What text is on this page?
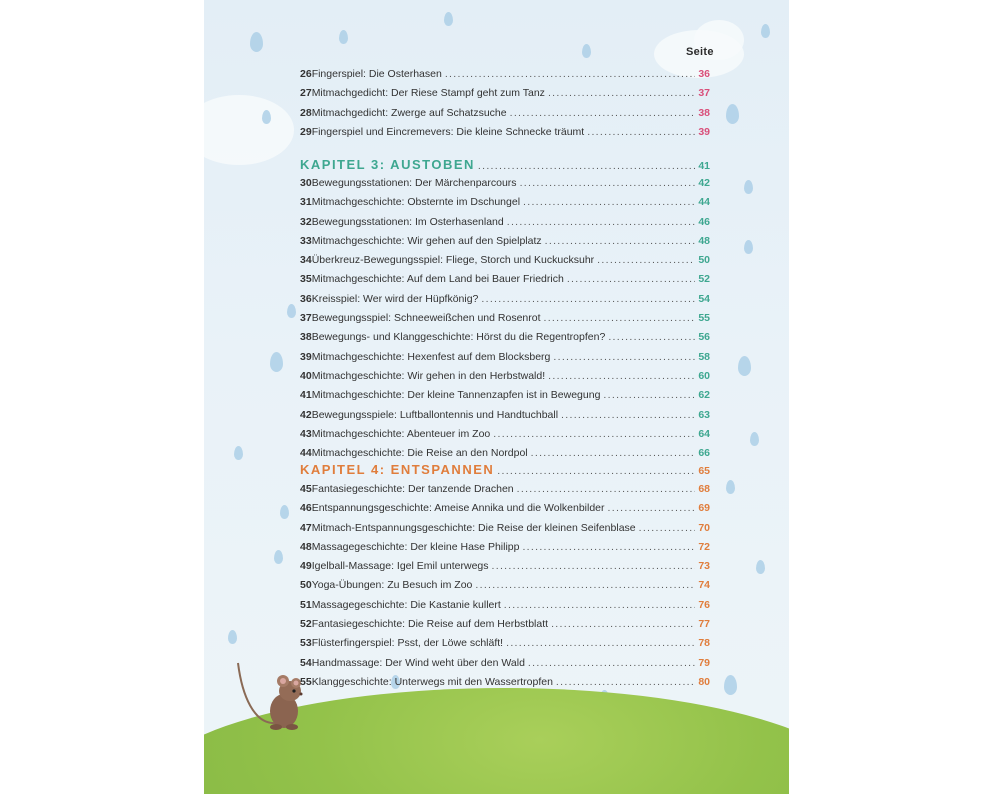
Seite
26 Fingerspiel: Die Osterhasen .....	36
27 Mitmachgedicht: Der Riese Stampf geht zum Tanz .....	37
28 Mitmachgedicht: Zwerge auf Schatzsuche .....	38
29 Fingerspiel und Eincremevers: Die kleine Schnecke träumt .....	39
KAPITEL 3: AUSTOBEN .....	41
30 Bewegungsstationen: Der Märchenparcours .....	42
31 Mitmachgeschichte: Obsternte im Dschungel .....	44
32 Bewegungsstationen: Im Osterhasenland .....	46
33 Mitmachgeschichte: Wir gehen auf den Spielplatz .....	48
34 Überkreuz-Bewegungsspiel: Fliege, Storch und Kuckucksuhr .....	50
35 Mitmachgeschichte: Auf dem Land bei Bauer Friedrich .....	52
36 Kreisspiel: Wer wird der Hüpfkönig? .....	54
37 Bewegungsspiel: Schneeweißchen und Rosenrot .....	55
38 Bewegungs- und Klanggeschichte: Hörst du die Regentropfen? .....	56
39 Mitmachgeschichte: Hexenfest auf dem Blocksberg .....	58
40 Mitmachgeschichte: Wir gehen in den Herbstwald! .....	60
41 Mitmachgeschichte: Der kleine Tannenzapfen ist in Bewegung .....	62
42 Bewegungsspiele: Luftballontennis und Handtuchball .....	63
43 Mitmachgeschichte: Abenteuer im Zoo .....	64
44 Mitmachgeschichte: Die Reise an den Nordpol .....	66
KAPITEL 4: ENTSPANNEN .....	65
45 Fantasiegeschichte: Der tanzende Drachen .....	68
46 Entspannungsgeschichte: Ameise Annika und die Wolkenbilder .....	69
47 Mitmach-Entspannungsgeschichte: Die Reise der kleinen Seifenblase .....	70
48 Massagegeschichte: Der kleine Hase Philipp .....	72
49 Igelball-Massage: Igel Emil unterwegs .....	73
50 Yoga-Übungen: Zu Besuch im Zoo .....	74
51 Massagegeschichte: Die Kastanie kullert .....	76
52 Fantasiegeschichte: Die Reise auf dem Herbstblatt .....	77
53 Flüsterfingerspiel: Psst, der Löwe schläft! .....	78
54 Handmassage: Der Wind weht über den Wald .....	79
55 Klanggeschichte: Unterwegs mit den Wassertropfen .....	80
